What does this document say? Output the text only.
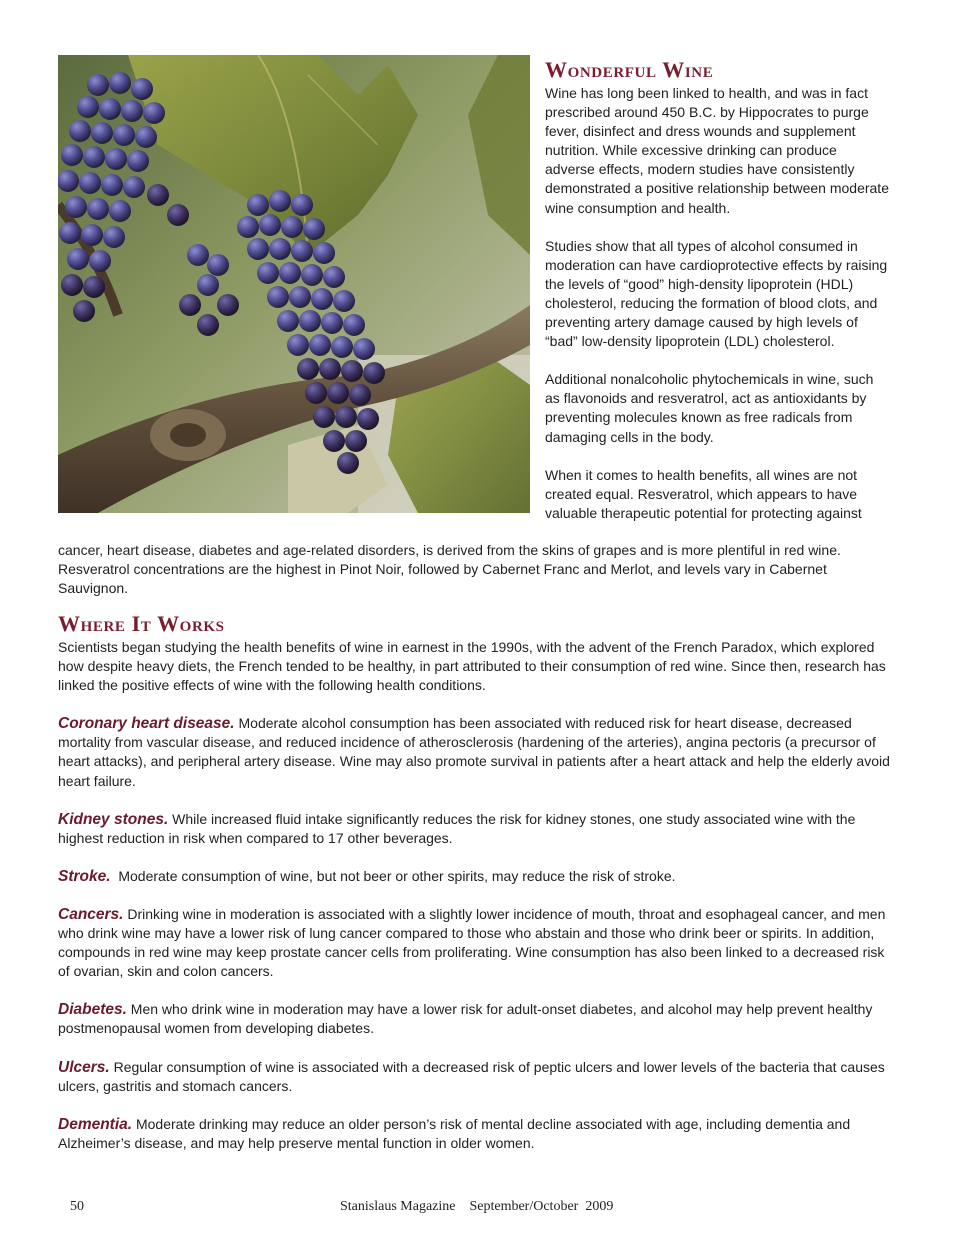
Wonderful Wine

Wine has long been linked to health, and was in fact prescribed around 450 B.C. by Hippocrates to purge fever, disinfect and dress wounds and supplement nutrition. While excessive drinking can produce adverse effects, modern studies have consistently demonstrated a positive relationship between moderate wine consumption and health.

Studies show that all types of alcohol consumed in moderation can have cardioprotective effects by raising the levels of “good” high-density lipoprotein (HDL) cholesterol, reducing the formation of blood clots, and preventing artery damage caused by high levels of “bad” low-density lipoprotein (LDL) cholesterol.

Additional nonalcoholic phytochemicals in wine, such as flavonoids and resveratrol, act as antioxidants by preventing molecules known as free radicals from damaging cells in the body.

When it comes to health benefits, all wines are not created equal. Resveratrol, which appears to have valuable therapeutic potential for protecting against

cancer, heart disease, diabetes and age-related disorders, is derived from the skins of grapes and is more plentiful in red wine. Resveratrol concentrations are the highest in Pinot Noir, followed by Cabernet Franc and Merlot, and levels vary in Cabernet Sauvignon.

Where It Works

Scientists began studying the health benefits of wine in earnest in the 1990s, with the advent of the French Paradox, which explored how despite heavy diets, the French tended to be healthy, in part attributed to their consumption of red wine. Since then, research has linked the positive effects of wine with the following health conditions.

Coronary heart disease. Moderate alcohol consumption has been associated with reduced risk for heart disease, decreased mortality from vascular disease, and reduced incidence of atherosclerosis (hardening of the arteries), angina pectoris (a precursor of heart attacks), and peripheral artery disease. Wine may also promote survival in patients after a heart attack and help the elderly avoid heart failure.

Kidney stones. While increased fluid intake significantly reduces the risk for kidney stones, one study associated wine with the highest reduction in risk when compared to 17 other beverages.

Stroke.  Moderate consumption of wine, but not beer or other spirits, may reduce the risk of stroke.

Cancers. Drinking wine in moderation is associated with a slightly lower incidence of mouth, throat and esophageal cancer, and men who drink wine may have a lower risk of lung cancer compared to those who abstain and those who drink beer or spirits. In addition, compounds in red wine may keep prostate cancer cells from proliferating. Wine consumption has also been linked to a decreased risk of ovarian, skin and colon cancers.

Diabetes. Men who drink wine in moderation may have a lower risk for adult-onset diabetes, and alcohol may help prevent healthy postmenopausal women from developing diabetes.

Ulcers. Regular consumption of wine is associated with a decreased risk of peptic ulcers and lower levels of the bacteria that causes ulcers, gastritis and stomach cancers.

Dementia. Moderate drinking may reduce an older person’s risk of mental decline associated with age, including dementia and Alzheimer’s disease, and may help preserve mental function in older women.

50	Stanislaus Magazine    September/October  2009
